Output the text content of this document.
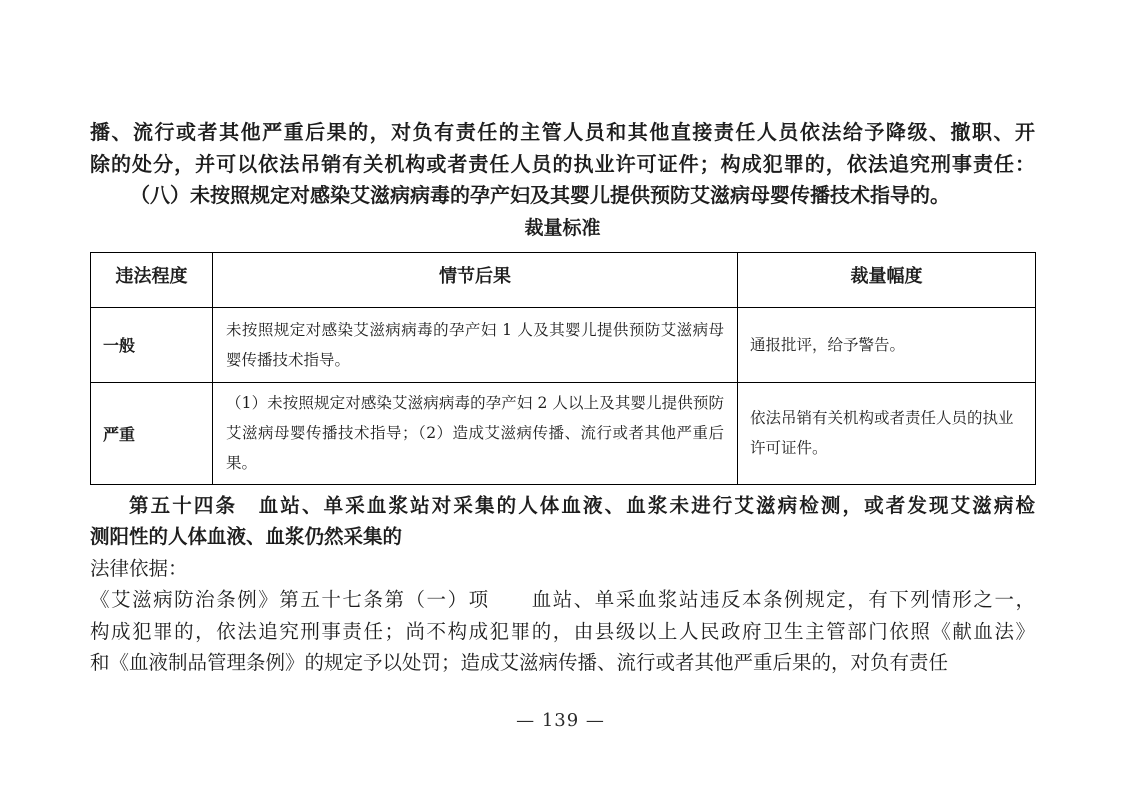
播、流行或者其他严重后果的，对负有责任的主管人员和其他直接责任人员依法给予降级、撤职、开
除的处分，并可以依法吊销有关机构或者责任人员的执业许可证件；构成犯罪的，依法追究刑事责任：
（八）未按照规定对感染艾滋病病毒的孕产妇及其婴儿提供预防艾滋病母婴传播技术指导的。
裁量标准
违法程度	情节后果	裁量幅度
一般	未按照规定对感染艾滋病病毒的孕产妇 1 人及其婴儿提供预防艾滋病母婴传播技术指导。	通报批评，给予警告。
严重	（1）未按照规定对感染艾滋病病毒的孕产妇 2 人以上及其婴儿提供预防艾滋病母婴传播技术指导；（2）造成艾滋病传播、流行或者其他严重后果。	依法吊销有关机构或者责任人员的执业许可证件。
第五十四条　血站、单采血浆站对采集的人体血液、血浆未进行艾滋病检测，或者发现艾滋病检
测阳性的人体血液、血浆仍然采集的
法律依据：
《艾滋病防治条例》第五十七条第（一）项　　血站、单采血浆站违反本条例规定，有下列情形之一，
构成犯罪的，依法追究刑事责任；尚不构成犯罪的，由县级以上人民政府卫生主管部门依照《献血法》
和《血液制品管理条例》的规定予以处罚；造成艾滋病传播、流行或者其他严重后果的，对负有责任
— 139 —
